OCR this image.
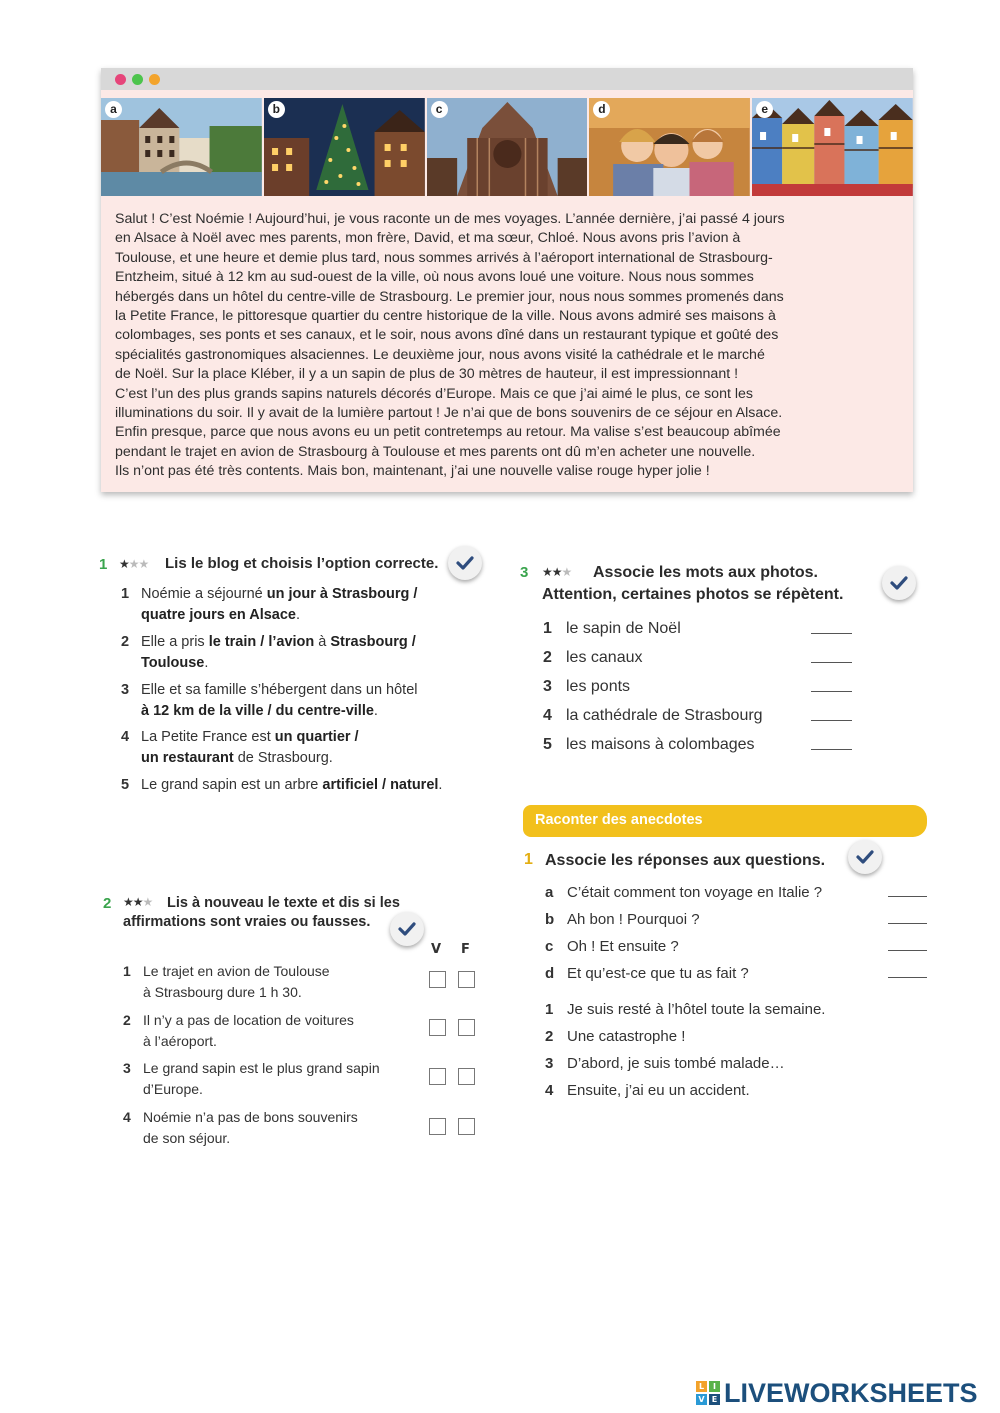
a	b	c	d	e
Salut ! C’est Noémie ! Aujourd’hui, je vous raconte un de mes voyages. L’année dernière, j’ai passé 4 jours
en Alsace à Noël avec mes parents, mon frère, David, et ma sœur, Chloé. Nous avons pris l’avion à
Toulouse, et une heure et demie plus tard, nous sommes arrivés à l’aéroport international de Strasbourg-
Entzheim, situé à 12 km au sud-ouest de la ville, où nous avons loué une voiture. Nous nous sommes
hébergés dans un hôtel du centre-ville de Strasbourg. Le premier jour, nous nous sommes promenés dans
la Petite France, le pittoresque quartier du centre historique de la ville. Nous avons admiré ses maisons à
colombages, ses ponts et ses canaux, et le soir, nous avons dîné dans un restaurant typique et goûté des
spécialités gastronomiques alsaciennes. Le deuxième jour, nous avons visité la cathédrale et le marché
de Noël. Sur la place Kléber, il y a un sapin de plus de 30 mètres de hauteur, il est impressionnant !
C’est l’un des plus grands sapins naturels décorés d’Europe. Mais ce que j’ai aimé le plus, ce sont les
illuminations du soir. Il y avait de la lumière partout ! Je n’ai que de bons souvenirs de ce séjour en Alsace.
Enfin presque, parce que nous avons eu un petit contretemps au retour. Ma valise s’est beaucoup abîmée
pendant le trajet en avion de Strasbourg à Toulouse et mes parents ont dû m’en acheter une nouvelle.
Ils n’ont pas été très contents. Mais bon, maintenant, j’ai une nouvelle valise rouge hyper jolie !
1 ★★★ Lis le blog et choisis l’option correcte.
1 Noémie a séjourné un jour à Strasbourg /
quatre jours en Alsace.
2 Elle a pris le train / l’avion à Strasbourg /
Toulouse.
3 Elle et sa famille s’hébergent dans un hôtel
à 12 km de la ville / du centre-ville.
4 La Petite France est un quartier /
un restaurant de Strasbourg.
5 Le grand sapin est un arbre artificiel / naturel.
2 ★★★ Lis à nouveau le texte et dis si les
affirmations sont vraies ou fausses.
V F
1 Le trajet en avion de Toulouse
à Strasbourg dure 1 h 30.
2 Il n’y a pas de location de voitures
à l’aéroport.
3 Le grand sapin est le plus grand sapin
d’Europe.
4 Noémie n’a pas de bons souvenirs
de son séjour.
3 ★★★ Associe les mots aux photos.
Attention, certaines photos se répètent.
1 le sapin de Noël
2 les canaux
3 les ponts
4 la cathédrale de Strasbourg
5 les maisons à colombages
Raconter des anecdotes
1 Associe les réponses aux questions.
a C’était comment ton voyage en Italie ?
b Ah bon ! Pourquoi ?
c Oh ! Et ensuite ?
d Et qu’est-ce que tu as fait ?
1 Je suis resté à l’hôtel toute la semaine.
2 Une catastrophe !
3 D’abord, je suis tombé malade…
4 Ensuite, j’ai eu un accident.
L	I
V E LIVEWORKSHEETS
